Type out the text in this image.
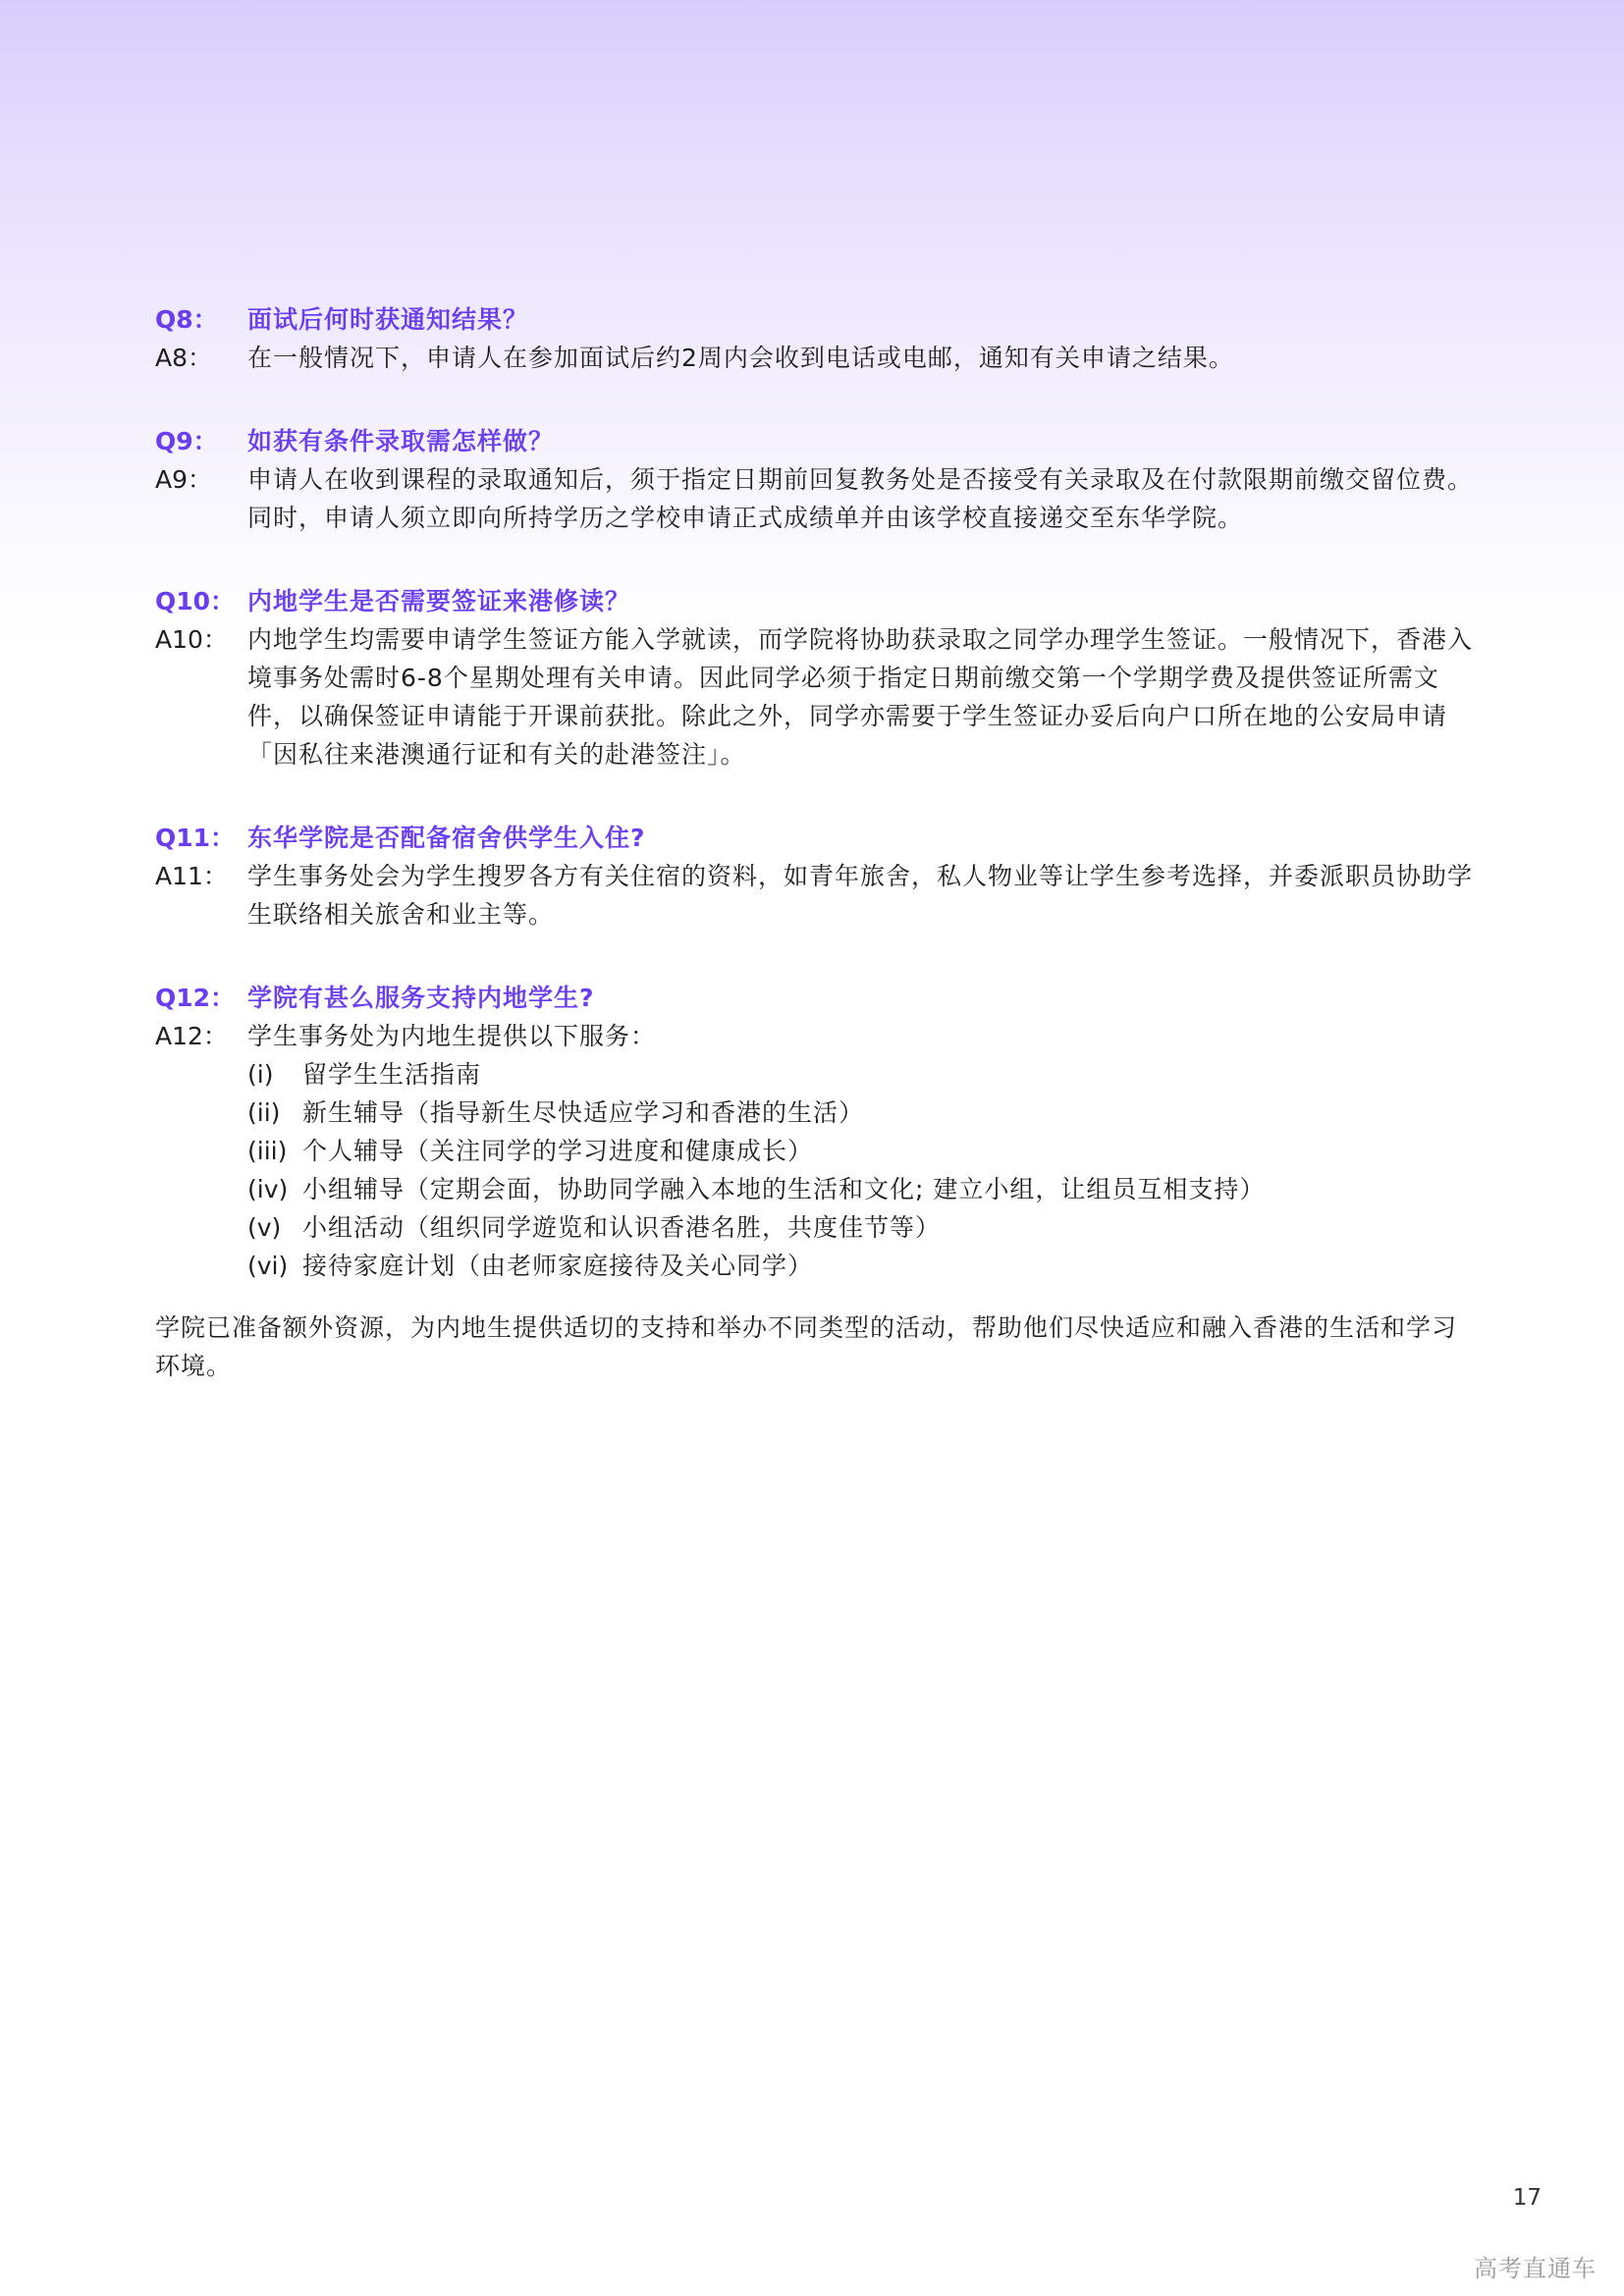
Q8：	面试后何时获通知结果？
A8：	在一般情况下，申请人在参加面试后约2周内会收到电话或电邮，通知有关申请之结果。
Q9：	如获有条件录取需怎样做？
A9：	申请人在收到课程的录取通知后，须于指定日期前回复教务处是否接受有关录取及在付款限期前缴交留位费。同时，申请人须立即向所持学历之学校申请正式成绩单并由该学校直接递交至东华学院。
Q10： 内地学生是否需要签证来港修读？
A10： 内地学生均需要申请学生签证方能入学就读，而学院将协助获录取之同学办理学生签证。一般情况下，香港入境事务处需时6-8个星期处理有关申请。因此同学必须于指定日期前缴交第一个学期学费及提供签证所需文件，以确保签证申请能于开课前获批。除此之外，同学亦需要于学生签证办妥后向户口所在地的公安局申请「因私往来港澳通行证和有关的赴港签注」。
Q11： 东华学院是否配备宿舍供学生入住?
A11： 学生事务处会为学生搜罗各方有关住宿的资料，如青年旅舍，私人物业等让学生参考选择，并委派职员协助学生联络相关旅舍和业主等。
Q12： 学院有甚么服务支持内地学生?
A12： 学生事务处为内地生提供以下服务：
(i)	留学生生活指南
(ii) 新生辅导（指导新生尽快适应学习和香港的生活）
(iii) 个人辅导（关注同学的学习进度和健康成长）
(iv) 小组辅导（定期会面，协助同学融入本地的生活和文化; 建立小组，让组员互相支持）
(v) 小组活动（组织同学遊览和认识香港名胜，共度佳节等）
(vi) 接待家庭计划（由老师家庭接待及关心同学）

学院已准备额外资源，为内地生提供适切的支持和举办不同类型的活动，帮助他们尽快适应和融入香港的生活和学习环境。

17
高考直通车
